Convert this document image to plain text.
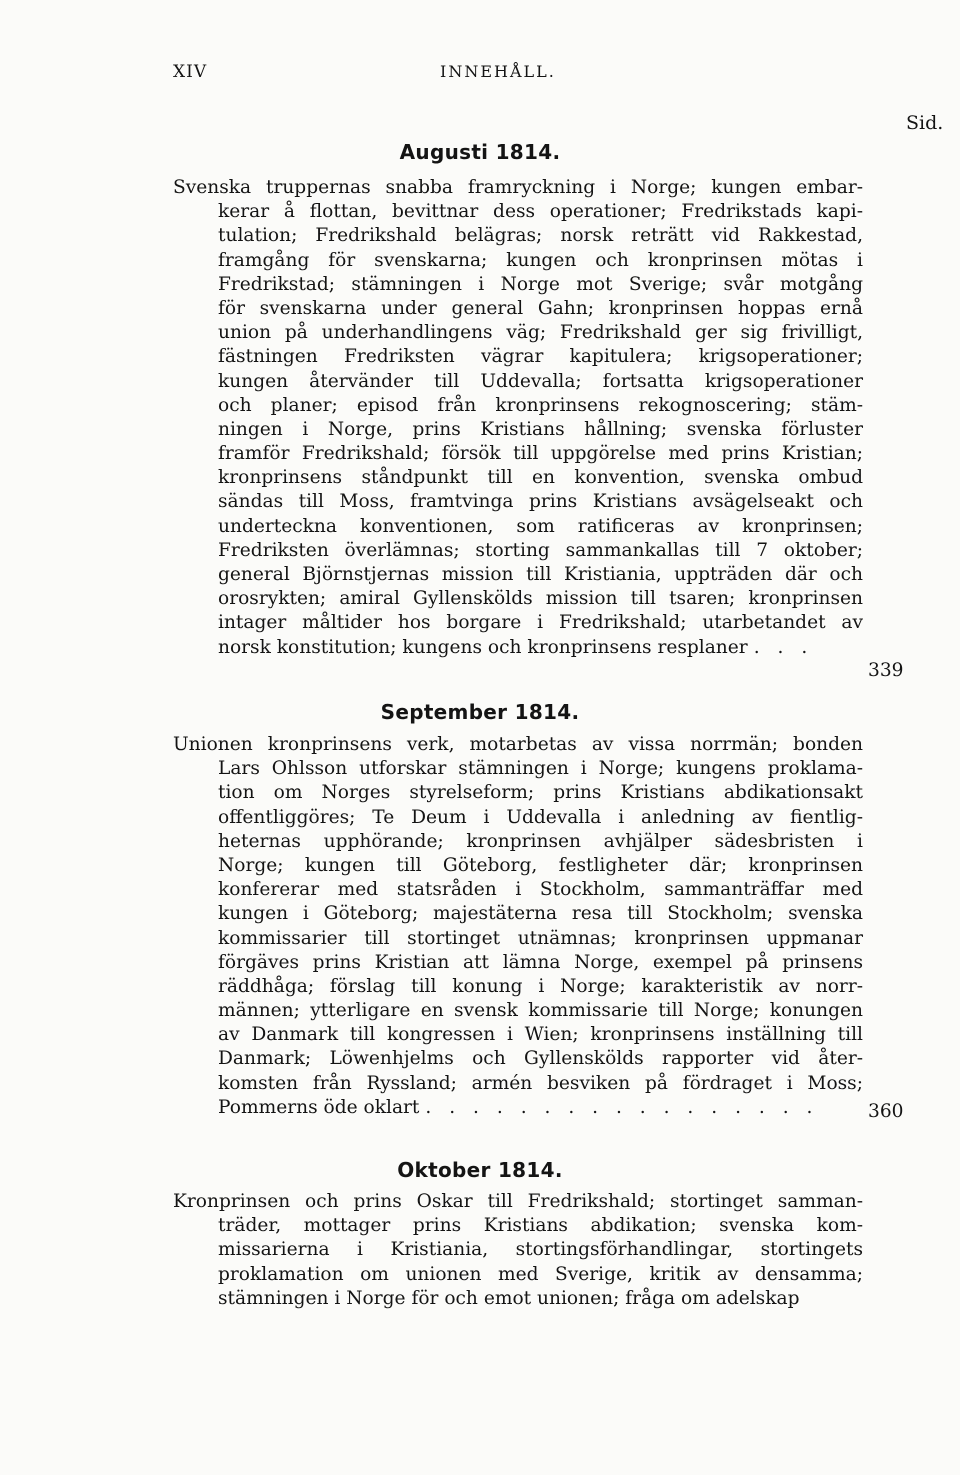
XIV	INNEHÅLL.
Sid.
Augusti 1814.
Svenska truppernas snabba framryckning i Norge; kungen embar-
kerar å flottan, bevittnar dess operationer; Fredrikstads kapi-
tulation; Fredrikshald belägras; norsk reträtt vid Rakkestad,
framgång för svenskarna; kungen och kronprinsen mötas i
Fredrikstad; stämningen i Norge mot Sverige; svår motgång
för svenskarna under general Gahn; kronprinsen hoppas ernå
union på underhandlingens väg; Fredrikshald ger sig frivilligt,
fästningen Fredriksten vägrar kapitulera; krigsoperationer;
kungen återvänder till Uddevalla; fortsatta krigsoperationer
och planer; episod från kronprinsens rekognoscering; stäm-
ningen i Norge, prins Kristians hållning; svenska förluster
framför Fredrikshald; försök till uppgörelse med prins Kristian;
kronprinsens ståndpunkt till en konvention, svenska ombud
sändas till Moss, framtvinga prins Kristians avsägelseakt och
underteckna konventionen, som ratificeras av kronprinsen;
Fredriksten överlämnas; storting sammankallas till 7 oktober;
general Björnstjernas mission till Kristiania, uppträden där och
orosrykten; amiral Gyllenskölds mission till tsaren; kronprinsen
intager måltider hos borgare i Fredrikshald; utarbetandet av
norsk konstitution; kungens och kronprinsens resplaner . . .
339
September 1814.
Unionen kronprinsens verk, motarbetas av vissa norrmän; bonden
Lars Ohlsson utforskar stämningen i Norge; kungens proklama-
tion om Norges styrelseform; prins Kristians abdikationsakt
offentliggöres; Te Deum i Uddevalla i anledning av fientlig-
heternas upphörande; kronprinsen avhjälper sädesbristen i
Norge; kungen till Göteborg, festligheter där; kronprinsen
konfererar med statsråden i Stockholm, sammanträffar med
kungen i Göteborg; majestäterna resa till Stockholm; svenska
kommissarier till stortinget utnämnas; kronprinsen uppmanar
förgäves prins Kristian att lämna Norge, exempel på prinsens
räddhåga; förslag till konung i Norge; karakteristik av norr-
männen; ytterligare en svensk kommissarie till Norge; konungen
av Danmark till kongressen i Wien; kronprinsens inställning till
Danmark; Löwenhjelms och Gyllenskölds rapporter vid åter-
komsten från Ryssland; armén besviken på fördraget i Moss;
Pommerns öde oklart . . . . . . . . . . . . . . . . .	360
Oktober 1814.
Kronprinsen och prins Oskar till Fredrikshald; stortinget samman-
träder, mottager prins Kristians abdikation; svenska kom-
missarierna i Kristiania, stortingsförhandlingar, stortingets
proklamation om unionen med Sverige, kritik av densamma;
stämningen i Norge för och emot unionen; fråga om adelskap
